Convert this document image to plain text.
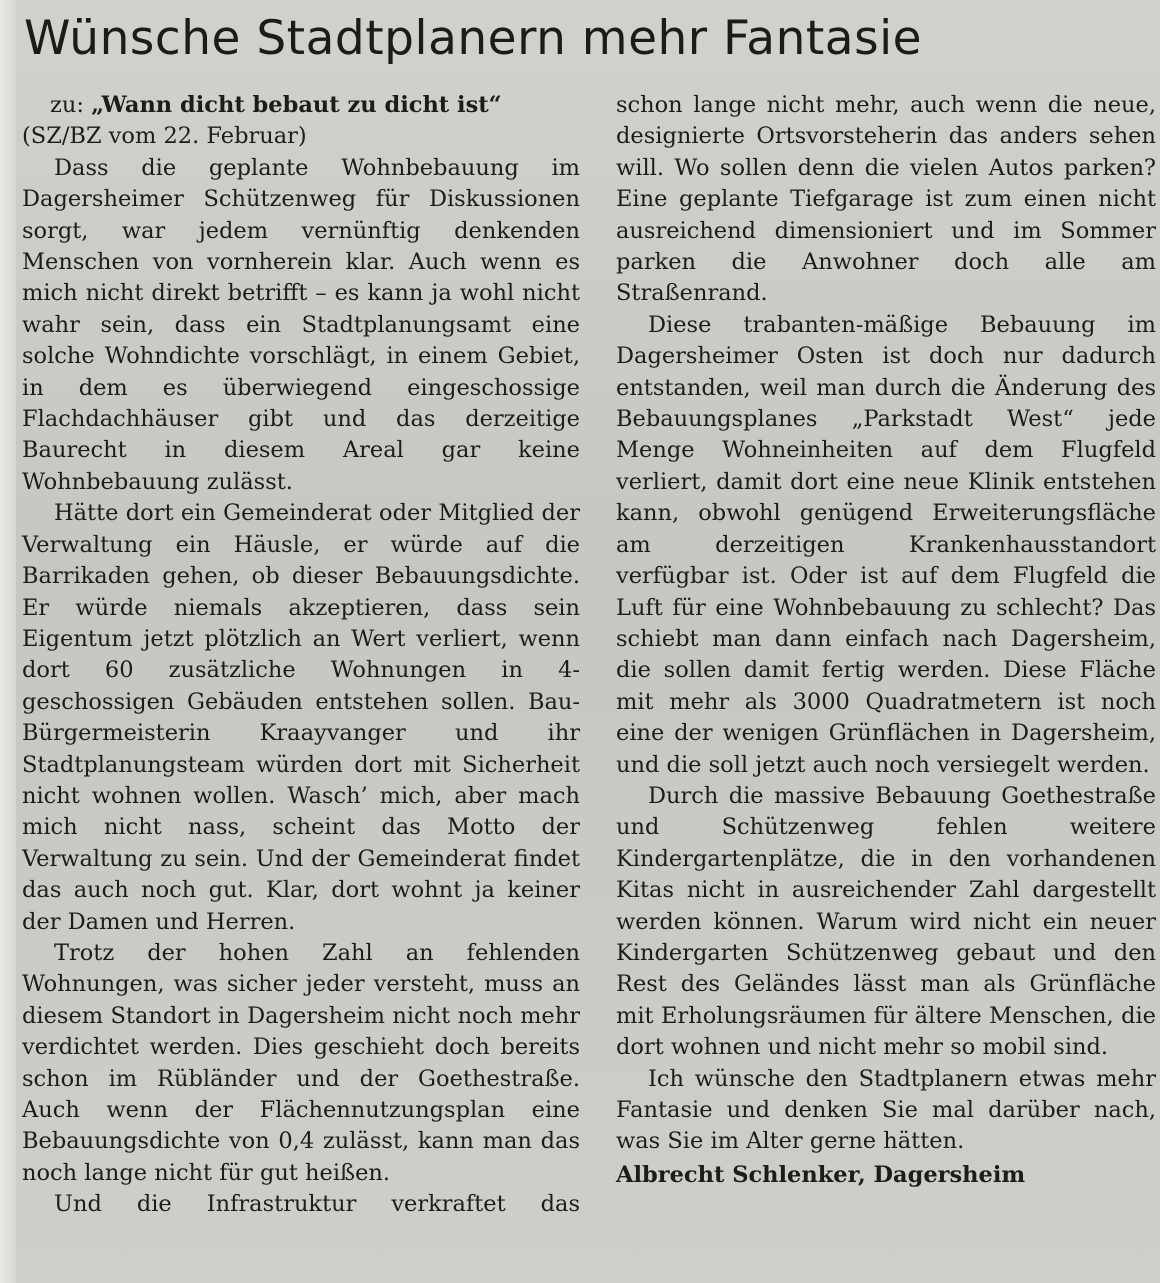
Wünsche Stadtplanern mehr Fantasie

zu: „Wann dicht bebaut zu dicht ist“

(SZ/BZ vom 22. Februar)

Dass die geplante Wohnbebauung im Dagersheimer Schützenweg für Diskussionen sorgt, war jedem vernünftig denkenden Menschen von vornherein klar. Auch wenn es mich nicht direkt betrifft – es kann ja wohl nicht wahr sein, dass ein Stadtplanungsamt eine solche Wohndichte vorschlägt, in einem Gebiet, in dem es überwiegend eingeschossige Flachdachhäuser gibt und das derzeitige Baurecht in diesem Areal gar keine Wohnbebauung zulässt.

Hätte dort ein Gemeinderat oder Mitglied der Verwaltung ein Häusle, er würde auf die Barrikaden gehen, ob dieser Bebauungsdichte. Er würde niemals akzeptieren, dass sein Eigentum jetzt plötzlich an Wert verliert, wenn dort 60 zusätzliche Wohnungen in 4-geschossigen Gebäuden entstehen sollen. Bau-Bürgermeisterin Kraayvanger und ihr Stadtplanungsteam würden dort mit Sicherheit nicht wohnen wollen. Wasch’ mich, aber mach mich nicht nass, scheint das Motto der Verwaltung zu sein. Und der Gemeinderat findet das auch noch gut. Klar, dort wohnt ja keiner der Damen und Herren.

Trotz der hohen Zahl an fehlenden Wohnungen, was sicher jeder versteht, muss an diesem Standort in Dagersheim nicht noch mehr verdichtet werden. Dies geschieht doch bereits schon im Rübländer und der Goethestraße. Auch wenn der Flächennutzungsplan eine Bebauungsdichte von 0,4 zulässt, kann man das noch lange nicht für gut heißen.

Und die Infrastruktur verkraftet das

schon lange nicht mehr, auch wenn die neue, designierte Ortsvorsteherin das anders sehen will. Wo sollen denn die vielen Autos parken? Eine geplante Tiefgarage ist zum einen nicht ausreichend dimensioniert und im Sommer parken die Anwohner doch alle am Straßenrand.

Diese trabanten-mäßige Bebauung im Dagersheimer Osten ist doch nur dadurch entstanden, weil man durch die Änderung des Bebauungsplanes „Parkstadt West“ jede Menge Wohneinheiten auf dem Flugfeld verliert, damit dort eine neue Klinik entstehen kann, obwohl genügend Erweiterungsfläche am derzeitigen Krankenhausstandort verfügbar ist. Oder ist auf dem Flugfeld die Luft für eine Wohnbebauung zu schlecht? Das schiebt man dann einfach nach Dagersheim, die sollen damit fertig werden. Diese Fläche mit mehr als 3000 Quadratmetern ist noch eine der wenigen Grünflächen in Dagersheim, und die soll jetzt auch noch versiegelt werden.

Durch die massive Bebauung Goethestraße und Schützenweg fehlen weitere Kindergartenplätze, die in den vorhandenen Kitas nicht in ausreichender Zahl dargestellt werden können. Warum wird nicht ein neuer Kindergarten Schützenweg gebaut und den Rest des Geländes lässt man als Grünfläche mit Erholungsräumen für ältere Menschen, die dort wohnen und nicht mehr so mobil sind.

Ich wünsche den Stadtplanern etwas mehr Fantasie und denken Sie mal darüber nach, was Sie im Alter gerne hätten.

Albrecht Schlenker, Dagersheim
